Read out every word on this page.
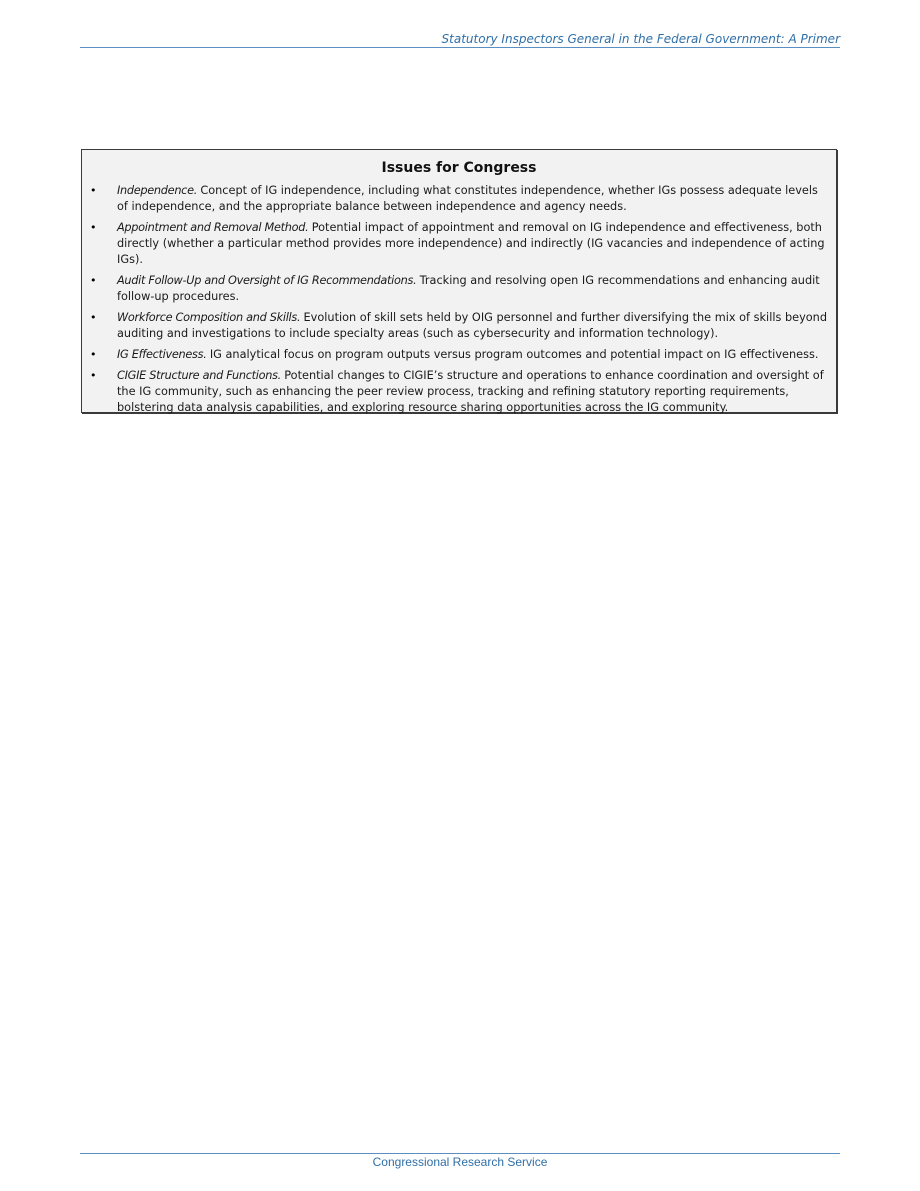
Statutory Inspectors General in the Federal Government: A Primer
Issues for Congress
• Independence. Concept of IG independence, including what constitutes independence, whether IGs possess adequate levels of independence, and the appropriate balance between independence and agency needs.
• Appointment and Removal Method. Potential impact of appointment and removal on IG independence and effectiveness, both directly (whether a particular method provides more independence) and indirectly (IG vacancies and independence of acting IGs).
• Audit Follow-Up and Oversight of IG Recommendations. Tracking and resolving open IG recommendations and enhancing audit follow-up procedures.
• Workforce Composition and Skills. Evolution of skill sets held by OIG personnel and further diversifying the mix of skills beyond auditing and investigations to include specialty areas (such as cybersecurity and information technology).
• IG Effectiveness. IG analytical focus on program outputs versus program outcomes and potential impact on IG effectiveness.
• CIGIE Structure and Functions. Potential changes to CIGIE’s structure and operations to enhance coordination and oversight of the IG community, such as enhancing the peer review process, tracking and refining statutory reporting requirements, bolstering data analysis capabilities, and exploring resource sharing opportunities across the IG community.
Congressional Research Service
